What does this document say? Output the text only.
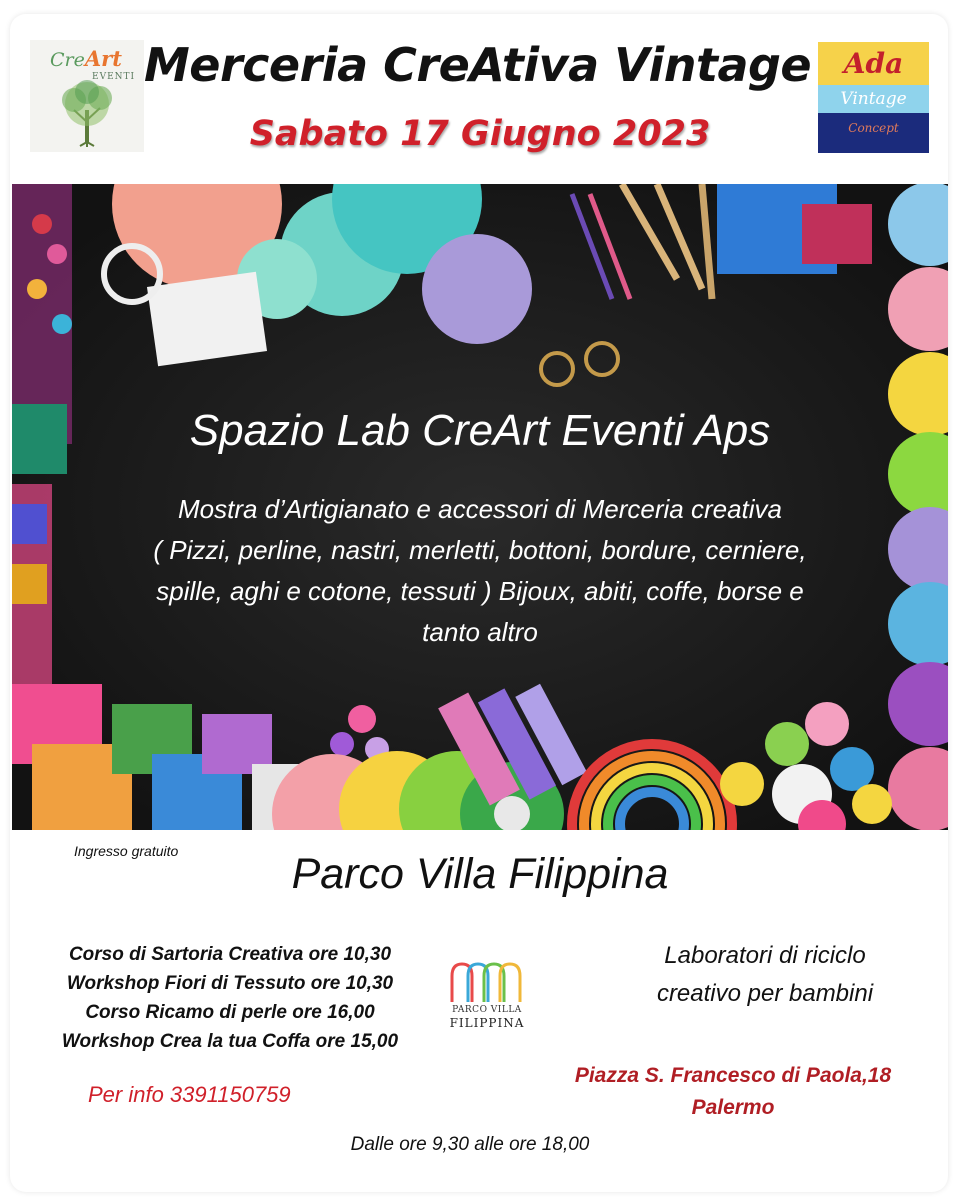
CreArt
EVENTI	Ada
Vintage
Concept
Merceria CreAtiva Vintage
Sabato 17 Giugno 2023
Spazio Lab CreArt Eventi Aps
Mostra d’Artigianato e accessori di Merceria creativa
( Pizzi, perline, nastri, merletti, bottoni, bordure, cerniere,
spille, aghi e cotone, tessuti ) Bijoux, abiti, coffe, borse e
tanto altro
Ingresso gratuito	Parco Villa Filippina
Corso di Sartoria Creativa ore 10,30
Workshop Fiori di Tessuto ore 10,30
Corso Ricamo di perle ore 16,00
Workshop Crea la tua Coffa ore 15,00
PARCO VILLA
FILIPPINA
Laboratori di riciclo
creativo per bambini
Per info 3391150759
Piazza S. Francesco di Paola,18
Palermo
Dalle ore 9,30 alle ore 18,00
